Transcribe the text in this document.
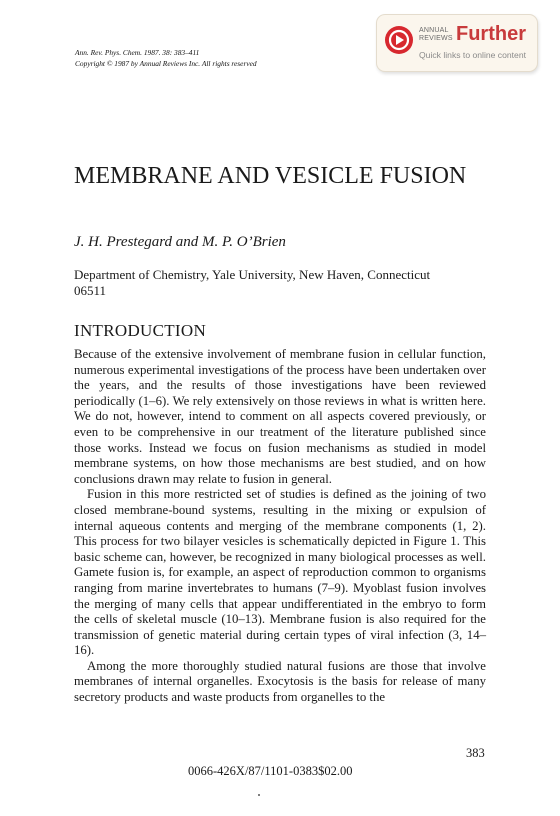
Ann. Rev. Phys. Chem. 1987. 38: 383–411
Copyright © 1987 by Annual Reviews Inc. All rights reserved
ANNUAL
REVIEWS Further
Quick links to online content
MEMBRANE AND VESICLE FUSION
J. H. Prestegard and M. P. O’Brien
Department of Chemistry, Yale University, New Haven, Connecticut 06511
INTRODUCTION

Because of the extensive involvement of membrane fusion in cellular function, numerous experimental investigations of the process have been undertaken over the years, and the results of those investigations have been reviewed periodically (1–6). We rely extensively on those reviews in what is written here. We do not, however, intend to comment on all aspects covered previously, or even to be comprehensive in our treatment of the literature published since those works. Instead we focus on fusion mechanisms as studied in model membrane systems, on how those mechanisms are best studied, and on how conclusions drawn may relate to fusion in general.

Fusion in this more restricted set of studies is defined as the joining of two closed membrane-bound systems, resulting in the mixing or expulsion of internal aqueous contents and merging of the membrane components (1, 2). This process for two bilayer vesicles is schematically depicted in Figure 1. This basic scheme can, however, be recognized in many biological processes as well. Gamete fusion is, for example, an aspect of reproduction common to organisms ranging from marine invertebrates to humans (7–9). Myoblast fusion involves the merging of many cells that appear undifferentiated in the embryo to form the cells of skeletal muscle (10–13). Membrane fusion is also required for the transmission of genetic material during certain types of viral infection (3, 14–16).

Among the more thoroughly studied natural fusions are those that involve membranes of internal organelles. Exocytosis is the basis for release of many secretory products and waste products from organelles to the

383
0066-426X/87/1101-0383$02.00
